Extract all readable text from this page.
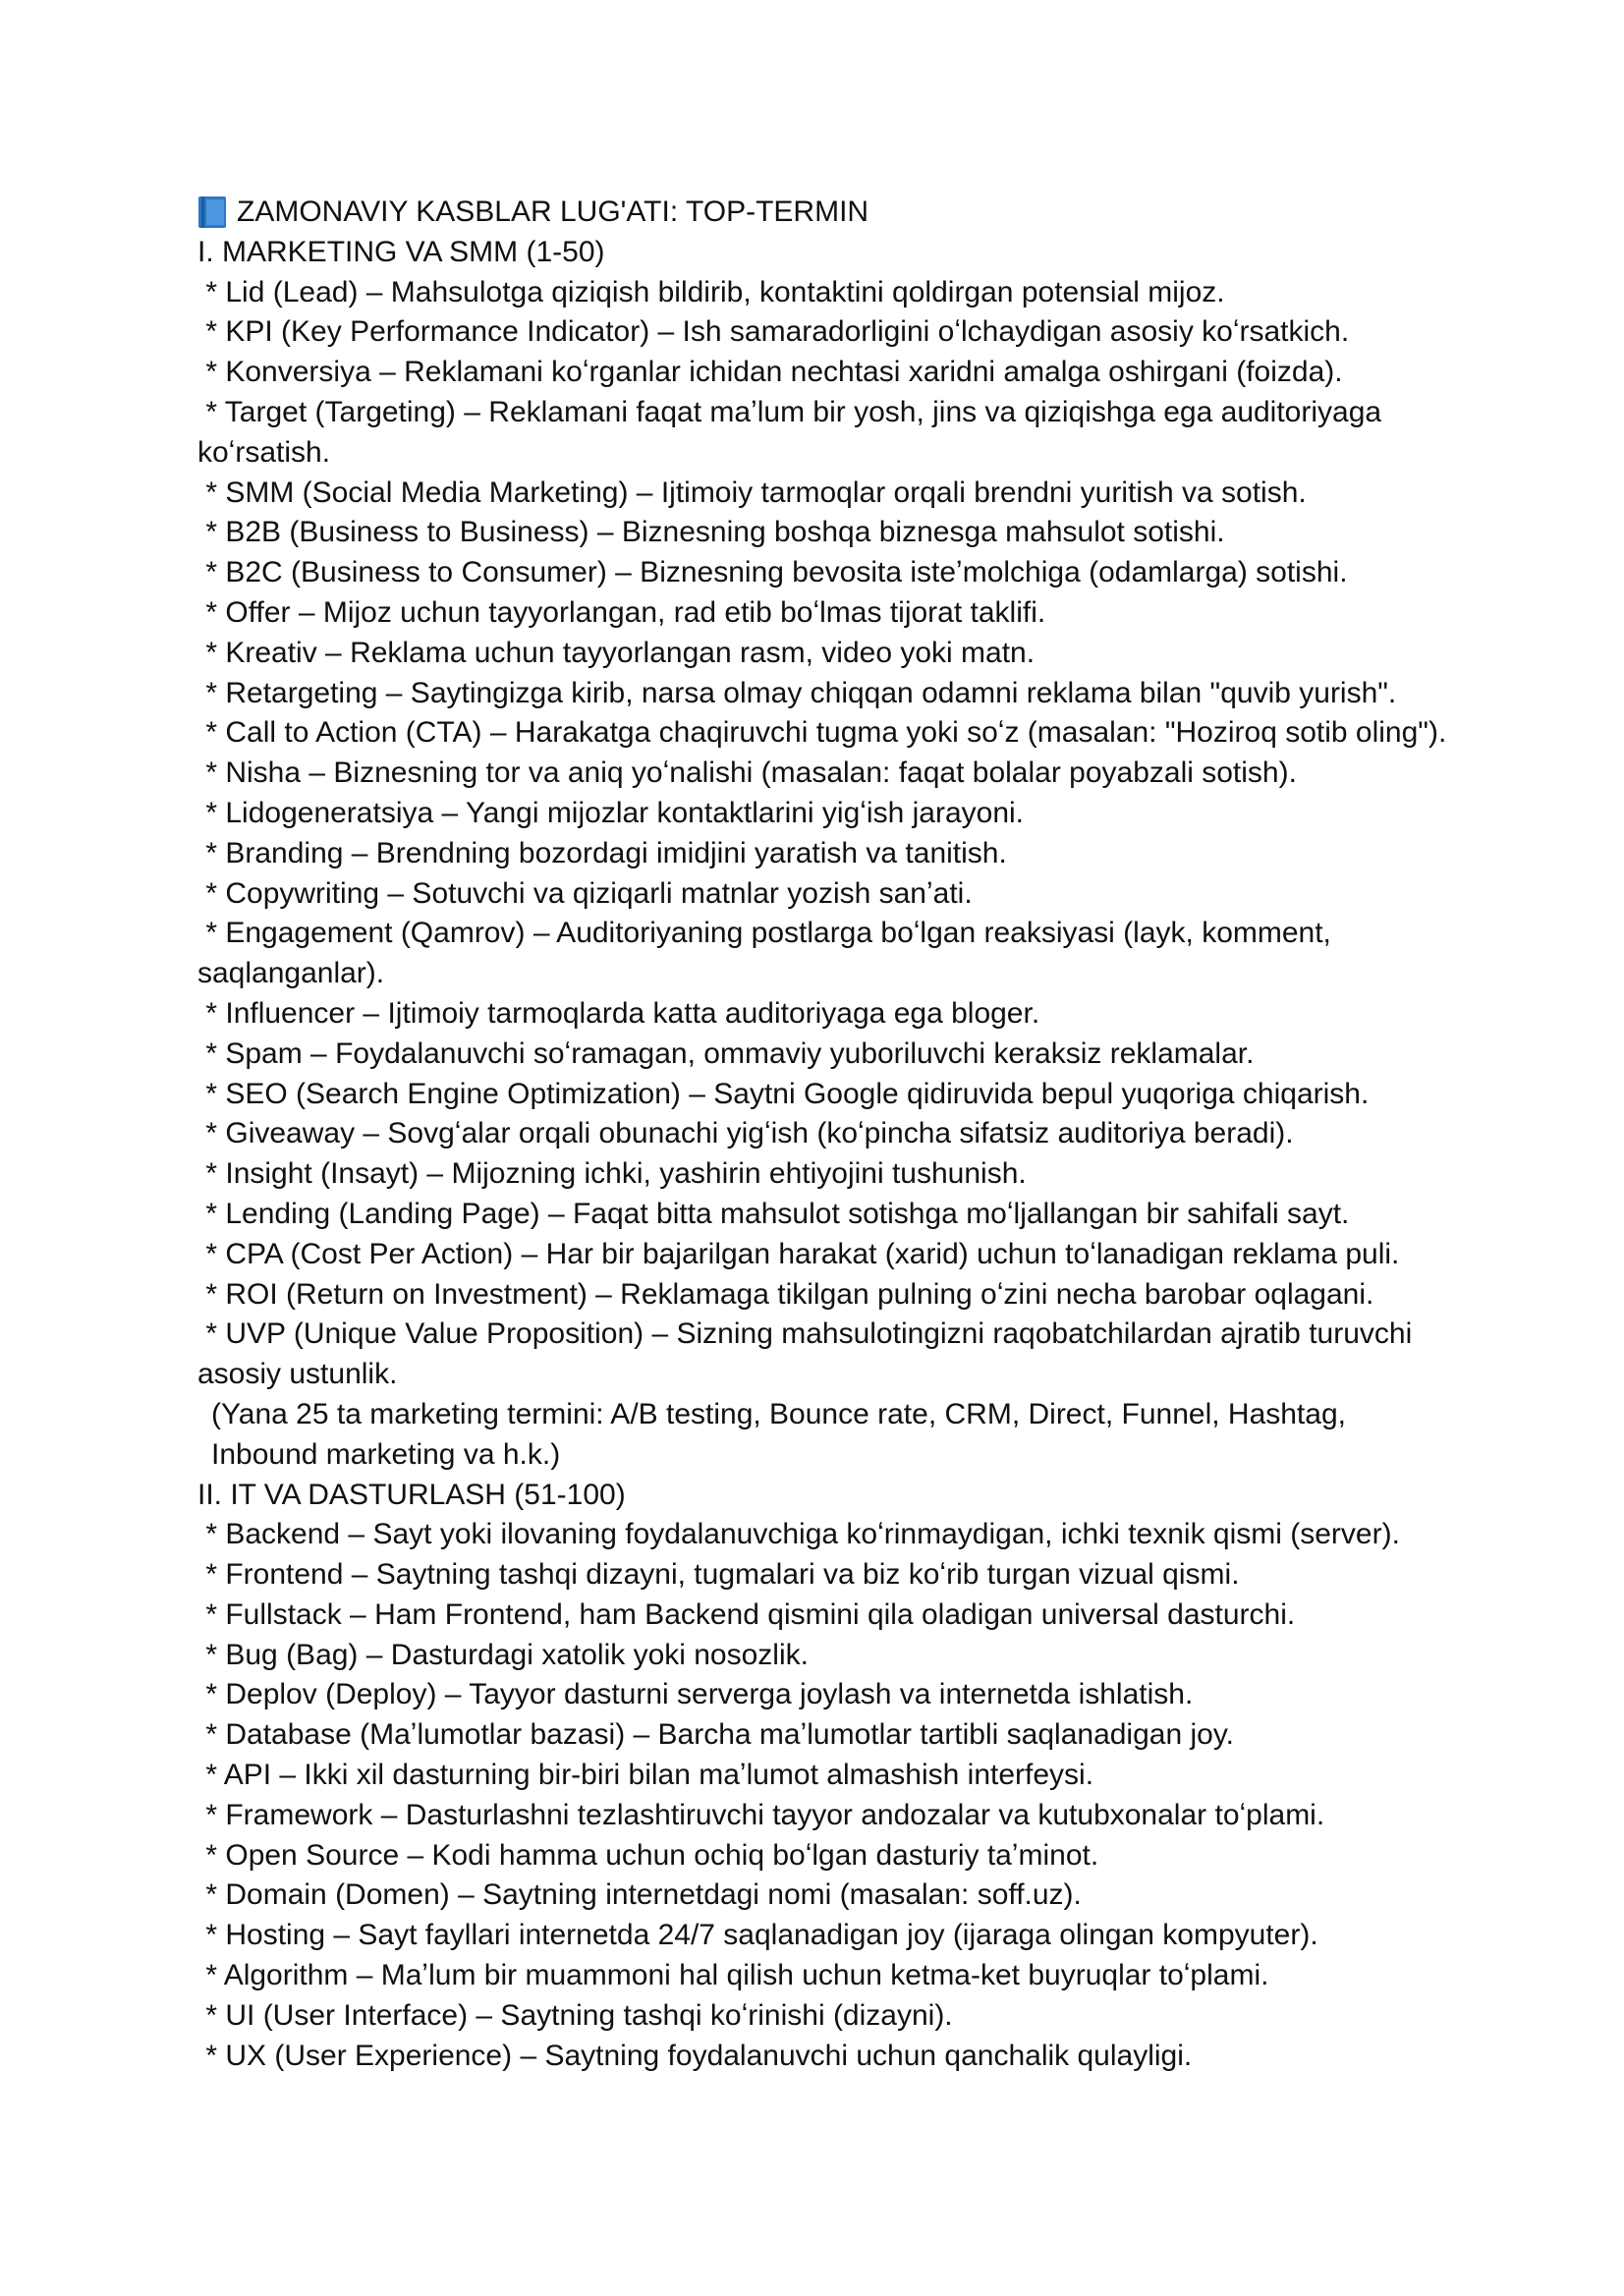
ZAMONAVIY KASBLAR LUG'ATI: TOP-TERMIN

I. MARKETING VA SMM (1-50)

* Lid (Lead) – Mahsulotga qiziqish bildirib, kontaktini qoldirgan potensial mijoz.

* KPI (Key Performance Indicator) – Ish samaradorligini oʻlchaydigan asosiy koʻrsatkich.

* Konversiya – Reklamani koʻrganlar ichidan nechtasi xaridni amalga oshirgani (foizda).

* Target (Targeting) – Reklamani faqat maʼlum bir yosh, jins va qiziqishga ega auditoriyaga koʻrsatish.

* SMM (Social Media Marketing) – Ijtimoiy tarmoqlar orqali brendni yuritish va sotish.

* B2B (Business to Business) – Biznesning boshqa biznesga mahsulot sotishi.

* B2C (Business to Consumer) – Biznesning bevosita isteʼmolchiga (odamlarga) sotishi.

* Offer – Mijoz uchun tayyorlangan, rad etib boʻlmas tijorat taklifi.

* Kreativ – Reklama uchun tayyorlangan rasm, video yoki matn.

* Retargeting – Saytingizga kirib, narsa olmay chiqqan odamni reklama bilan "quvib yurish".

* Call to Action (CTA) – Harakatga chaqiruvchi tugma yoki soʻz (masalan: "Hoziroq sotib oling").

* Nisha – Biznesning tor va aniq yoʻnalishi (masalan: faqat bolalar poyabzali sotish).

* Lidogeneratsiya – Yangi mijozlar kontaktlarini yigʻish jarayoni.

* Branding – Brendning bozordagi imidjini yaratish va tanitish.

* Copywriting – Sotuvchi va qiziqarli matnlar yozish sanʼati.

* Engagement (Qamrov) – Auditoriyaning postlarga boʻlgan reaksiyasi (layk, komment, saqlanganlar).

* Influencer – Ijtimoiy tarmoqlarda katta auditoriyaga ega bloger.

* Spam – Foydalanuvchi soʻramagan, ommaviy yuboriluvchi keraksiz reklamalar.

* SEO (Search Engine Optimization) – Saytni Google qidiruvida bepul yuqoriga chiqarish.

* Giveaway – Sovgʻalar orqali obunachi yigʻish (koʻpincha sifatsiz auditoriya beradi).

* Insight (Insayt) – Mijozning ichki, yashirin ehtiyojini tushunish.

* Lending (Landing Page) – Faqat bitta mahsulot sotishga moʻljallangan bir sahifali sayt.

* CPA (Cost Per Action) – Har bir bajarilgan harakat (xarid) uchun toʻlanadigan reklama puli.

* ROI (Return on Investment) – Reklamaga tikilgan pulning oʻzini necha barobar oqlagani.

* UVP (Unique Value Proposition) – Sizning mahsulotingizni raqobatchilardan ajratib turuvchi asosiy ustunlik.

(Yana 25 ta marketing termini: A/B testing, Bounce rate, CRM, Direct, Funnel, Hashtag, Inbound marketing va h.k.)

II. IT VA DASTURLASH (51-100)

* Backend – Sayt yoki ilovaning foydalanuvchiga koʻrinmaydigan, ichki texnik qismi (server).

* Frontend – Saytning tashqi dizayni, tugmalari va biz koʻrib turgan vizual qismi.

* Fullstack – Ham Frontend, ham Backend qismini qila oladigan universal dasturchi.

* Bug (Bag) – Dasturdagi xatolik yoki nosozlik.

* Deplov (Deploy) – Tayyor dasturni serverga joylash va internetda ishlatish.

* Database (Maʼlumotlar bazasi) – Barcha maʼlumotlar tartibli saqlanadigan joy.

* API – Ikki xil dasturning bir-biri bilan maʼlumot almashish interfeysi.

* Framework – Dasturlashni tezlashtiruvchi tayyor andozalar va kutubxonalar toʻplami.

* Open Source – Kodi hamma uchun ochiq boʻlgan dasturiy taʼminot.

* Domain (Domen) – Saytning internetdagi nomi (masalan: soff.uz).

* Hosting – Sayt fayllari internetda 24/7 saqlanadigan joy (ijaraga olingan kompyuter).

* Algorithm – Maʼlum bir muammoni hal qilish uchun ketma-ket buyruqlar toʻplami.

* UI (User Interface) – Saytning tashqi koʻrinishi (dizayni).

* UX (User Experience) – Saytning foydalanuvchi uchun qanchalik qulayligi.
